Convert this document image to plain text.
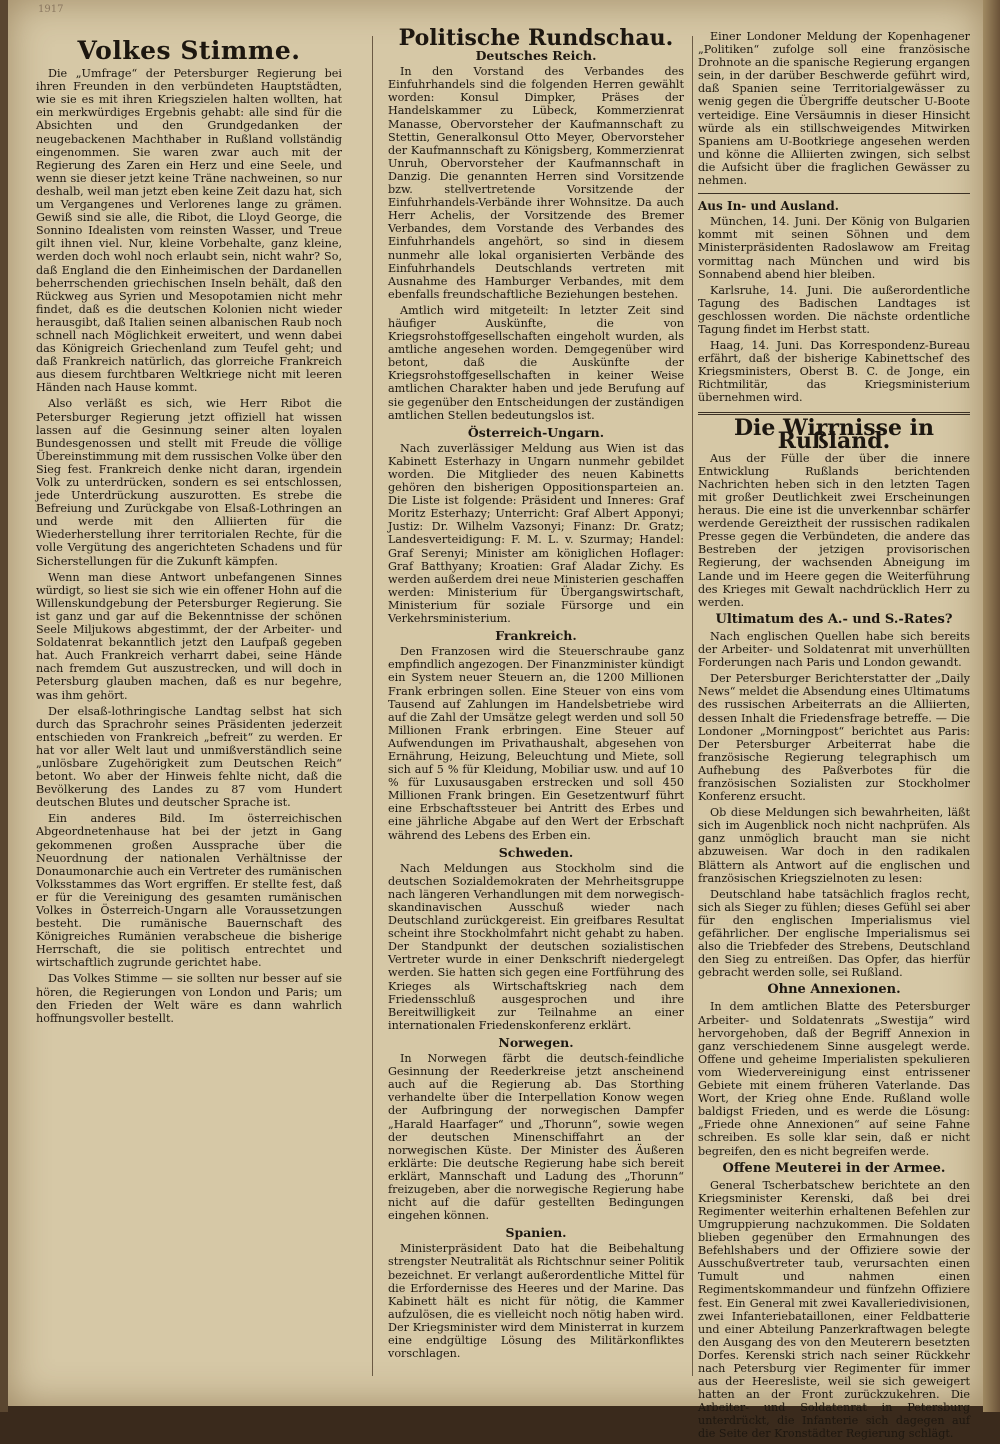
1917
Volkes Stimme.

Die „Umfrage“ der Petersburger Regierung bei ihren Freunden in den verbündeten Hauptstädten, wie sie es mit ihren Kriegszielen halten wollten, hat ein merkwürdiges Ergebnis gehabt: alle sind für die Absichten und den Grundgedanken der neugebackenen Machthaber in Rußland vollständig eingenommen. Sie waren zwar auch mit der Regierung des Zaren ein Herz und eine Seele, und wenn sie dieser jetzt keine Träne nachweinen, so nur deshalb, weil man jetzt eben keine Zeit dazu hat, sich um Vergangenes und Verlorenes lange zu grämen. Gewiß sind sie alle, die Ribot, die Lloyd George, die Sonnino Idealisten vom reinsten Wasser, und Treue gilt ihnen viel. Nur, kleine Vorbehalte, ganz kleine, werden doch wohl noch erlaubt sein, nicht wahr? So, daß England die den Einheimischen der Dardanellen beherrschenden griechischen Inseln behält, daß den Rückweg aus Syrien und Mesopotamien nicht mehr findet, daß es die deutschen Kolonien nicht wieder herausgibt, daß Italien seinen albanischen Raub noch schnell nach Möglichkeit erweitert, und wenn dabei das Königreich Griechenland zum Teufel geht; und daß Frankreich natürlich, das glorreiche Frankreich aus diesem furchtbaren Weltkriege nicht mit leeren Händen nach Hause kommt.

Also verläßt es sich, wie Herr Ribot die Petersburger Regierung jetzt offiziell hat wissen lassen auf die Gesinnung seiner alten loyalen Bundesgenossen und stellt mit Freude die völlige Übereinstimmung mit dem russischen Volke über den Sieg fest. Frankreich denke nicht daran, irgendein Volk zu unterdrücken, sondern es sei entschlossen, jede Unterdrückung auszurotten. Es strebe die Befreiung und Zurückgabe von Elsaß-Lothringen an und werde mit den Alliierten für die Wiederherstellung ihrer territorialen Rechte, für die volle Vergütung des angerichteten Schadens und für Sicherstellungen für die Zukunft kämpfen.

Wenn man diese Antwort unbefangenen Sinnes würdigt, so liest sie sich wie ein offener Hohn auf die Willenskundgebung der Petersburger Regierung. Sie ist ganz und gar auf die Bekenntnisse der schönen Seele Miljukows abgestimmt, der der Arbeiter- und Soldatenrat bekanntlich jetzt den Laufpaß gegeben hat. Auch Frankreich verharrt dabei, seine Hände nach fremdem Gut auszustrecken, und will doch in Petersburg glauben machen, daß es nur begehre, was ihm gehört.

Der elsaß-lothringische Landtag selbst hat sich durch das Sprachrohr seines Präsidenten jederzeit entschieden von Frankreich „befreit“ zu werden. Er hat vor aller Welt laut und unmißverständlich seine „unlösbare Zugehörigkeit zum Deutschen Reich“ betont. Wo aber der Hinweis fehlte nicht, daß die Bevölkerung des Landes zu 87 vom Hundert deutschen Blutes und deutscher Sprache ist.

Ein anderes Bild. Im österreichischen Abgeordnetenhause hat bei der jetzt in Gang gekommenen großen Aussprache über die Neuordnung der nationalen Verhältnisse der Donaumonarchie auch ein Vertreter des rumänischen Volksstammes das Wort ergriffen. Er stellte fest, daß er für die Vereinigung des gesamten rumänischen Volkes in Österreich-Ungarn alle Voraussetzungen besteht. Die rumänische Bauernschaft des Königreiches Rumänien verabscheue die bisherige Herrschaft, die sie politisch entrechtet und wirtschaftlich zugrunde gerichtet habe.

Das Volkes Stimme — sie sollten nur besser auf sie hören, die Regierungen von London und Paris; um den Frieden der Welt wäre es dann wahrlich hoffnungsvoller bestellt.

Politische Rundschau.
Deutsches Reich.

In den Vorstand des Verbandes des Einfuhrhandels sind die folgenden Herren gewählt worden: Konsul Dimpker, Präses der Handelskammer zu Lübeck, Kommerzienrat Manasse, Obervorsteher der Kaufmannschaft zu Stettin, Generalkonsul Otto Meyer, Obervorsteher der Kaufmannschaft zu Königsberg, Kommerzienrat Unruh, Obervorsteher der Kaufmannschaft in Danzig. Die genannten Herren sind Vorsitzende bzw. stellvertretende Vorsitzende der Einfuhrhandels-Verbände ihrer Wohnsitze. Da auch Herr Achelis, der Vorsitzende des Bremer Verbandes, dem Vorstande des Verbandes des Einfuhrhandels angehört, so sind in diesem nunmehr alle lokal organisierten Verbände des Einfuhrhandels Deutschlands vertreten mit Ausnahme des Hamburger Verbandes, mit dem ebenfalls freundschaftliche Beziehungen bestehen.

Amtlich wird mitgeteilt: In letzter Zeit sind häufiger Auskünfte, die von Kriegsrohstoffgesellschaften eingeholt wurden, als amtliche angesehen worden. Demgegenüber wird betont, daß die Auskünfte der Kriegsrohstoffgesellschaften in keiner Weise amtlichen Charakter haben und jede Berufung auf sie gegenüber den Entscheidungen der zuständigen amtlichen Stellen bedeutungslos ist.

Österreich-Ungarn.

Nach zuverlässiger Meldung aus Wien ist das Kabinett Esterhazy in Ungarn nunmehr gebildet worden. Die Mitglieder des neuen Kabinetts gehören den bisherigen Oppositionsparteien an. Die Liste ist folgende: Präsident und Inneres: Graf Moritz Esterhazy; Unterricht: Graf Albert Apponyi; Justiz: Dr. Wilhelm Vazsonyi; Finanz: Dr. Gratz; Landesverteidigung: F. M. L. v. Szurmay; Handel: Graf Serenyi; Minister am königlichen Hoflager: Graf Batthyany; Kroatien: Graf Aladar Zichy. Es werden außerdem drei neue Ministerien geschaffen werden: Ministerium für Übergangswirtschaft, Ministerium für soziale Fürsorge und ein Verkehrsministerium.

Frankreich.

Den Franzosen wird die Steuerschraube ganz empfindlich angezogen. Der Finanzminister kündigt ein System neuer Steuern an, die 1200 Millionen Frank erbringen sollen. Eine Steuer von eins vom Tausend auf Zahlungen im Handelsbetriebe wird auf die Zahl der Umsätze gelegt werden und soll 50 Millionen Frank erbringen. Eine Steuer auf Aufwendungen im Privathaushalt, abgesehen von Ernährung, Heizung, Beleuchtung und Miete, soll sich auf 5 % für Kleidung, Mobiliar usw. und auf 10 % für Luxusausgaben erstrecken und soll 450 Millionen Frank bringen. Ein Gesetzentwurf führt eine Erbschaftssteuer bei Antritt des Erbes und eine jährliche Abgabe auf den Wert der Erbschaft während des Lebens des Erben ein.

Schweden.

Nach Meldungen aus Stockholm sind die deutschen Sozialdemokraten der Mehrheitsgruppe nach längeren Verhandlungen mit dem norwegisch-skandinavischen Ausschuß wieder nach Deutschland zurückgereist. Ein greifbares Resultat scheint ihre Stockholmfahrt nicht gehabt zu haben. Der Standpunkt der deutschen sozialistischen Vertreter wurde in einer Denkschrift niedergelegt werden. Sie hatten sich gegen eine Fortführung des Krieges als Wirtschaftskrieg nach dem Friedensschluß ausgesprochen und ihre Bereitwilligkeit zur Teilnahme an einer internationalen Friedenskonferenz erklärt.

Norwegen.

In Norwegen färbt die deutsch-feindliche Gesinnung der Reederkreise jetzt anscheinend auch auf die Regierung ab. Das Storthing verhandelte über die Interpellation Konow wegen der Aufbringung der norwegischen Dampfer „Harald Haarfager“ und „Thorunn“, sowie wegen der deutschen Minenschiffahrt an der norwegischen Küste. Der Minister des Äußeren erklärte: Die deutsche Regierung habe sich bereit erklärt, Mannschaft und Ladung des „Thorunn“ freizugeben, aber die norwegische Regierung habe nicht auf die dafür gestellten Bedingungen eingehen können.

Spanien.

Ministerpräsident Dato hat die Beibehaltung strengster Neutralität als Richtschnur seiner Politik bezeichnet. Er verlangt außerordentliche Mittel für die Erfordernisse des Heeres und der Marine. Das Kabinett hält es nicht für nötig, die Kammer aufzulösen, die es vielleicht noch nötig haben wird. Der Kriegsminister wird dem Ministerrat in kurzem eine endgültige Lösung des Militärkonfliktes vorschlagen.

Einer Londoner Meldung der Kopenhagener „Politiken“ zufolge soll eine französische Drohnote an die spanische Regierung ergangen sein, in der darüber Beschwerde geführt wird, daß Spanien seine Territorialgewässer zu wenig gegen die Übergriffe deutscher U-Boote verteidige. Eine Versäumnis in dieser Hinsicht würde als ein stillschweigendes Mitwirken Spaniens am U-Bootkriege angesehen werden und könne die Alliierten zwingen, sich selbst die Aufsicht über die fraglichen Gewässer zu nehmen.

Aus In- und Ausland.

München, 14. Juni. Der König von Bulgarien kommt mit seinen Söhnen und dem Ministerpräsidenten Radoslawow am Freitag vormittag nach München und wird bis Sonnabend abend hier bleiben.

Karlsruhe, 14. Juni. Die außerordentliche Tagung des Badischen Landtages ist geschlossen worden. Die nächste ordentliche Tagung findet im Herbst statt.

Haag, 14. Juni. Das Korrespondenz-Bureau erfährt, daß der bisherige Kabinettschef des Kriegsministers, Oberst B. C. de Jonge, ein Richtmilitär, das Kriegsministerium übernehmen wird.

Die Wirrnisse in Rußland.

Aus der Fülle der über die innere Entwicklung Rußlands berichtenden Nachrichten heben sich in den letzten Tagen mit großer Deutlichkeit zwei Erscheinungen heraus. Die eine ist die unverkennbar schärfer werdende Gereiztheit der russischen radikalen Presse gegen die Verbündeten, die andere das Bestreben der jetzigen provisorischen Regierung, der wachsenden Abneigung im Lande und im Heere gegen die Weiterführung des Krieges mit Gewalt nachdrücklich Herr zu werden.

Ultimatum des A.- und S.-Rates?

Nach englischen Quellen habe sich bereits der Arbeiter- und Soldatenrat mit unverhüllten Forderungen nach Paris und London gewandt.

Der Petersburger Berichterstatter der „Daily News“ meldet die Absendung eines Ultimatums des russischen Arbeiterrats an die Alliierten, dessen Inhalt die Friedensfrage betreffe. — Die Londoner „Morningpost“ berichtet aus Paris: Der Petersburger Arbeiterrat habe die französische Regierung telegraphisch um Aufhebung des Paßverbotes für die französischen Sozialisten zur Stockholmer Konferenz ersucht.

Ob diese Meldungen sich bewahrheiten, läßt sich im Augenblick noch nicht nachprüfen. Als ganz unmöglich braucht man sie nicht abzuweisen. War doch in den radikalen Blättern als Antwort auf die englischen und französischen Kriegszielnoten zu lesen:

Deutschland habe tatsächlich fraglos recht, sich als Sieger zu fühlen; dieses Gefühl sei aber für den englischen Imperialismus viel gefährlicher. Der englische Imperialismus sei also die Triebfeder des Strebens, Deutschland den Sieg zu entreißen. Das Opfer, das hierfür gebracht werden solle, sei Rußland.

Ohne Annexionen.

In dem amtlichen Blatte des Petersburger Arbeiter- und Soldatenrats „Swestija“ wird hervorgehoben, daß der Begriff Annexion in ganz verschiedenem Sinne ausgelegt werde. Offene und geheime Imperialisten spekulieren vom Wiedervereinigung einst entrissener Gebiete mit einem früheren Vaterlande. Das Wort, der Krieg ohne Ende. Rußland wolle baldigst Frieden, und es werde die Lösung: „Friede ohne Annexionen“ auf seine Fahne schreiben. Es solle klar sein, daß er nicht begreifen, den es nicht begreifen werde.

Offene Meuterei in der Armee.

General Tscherbatschew berichtete an den Kriegsminister Kerenski, daß bei drei Regimenter weiterhin erhaltenen Befehlen zur Umgruppierung nachzukommen. Die Soldaten blieben gegenüber den Ermahnungen des Befehlshabers und der Offiziere sowie der Ausschußvertreter taub, verursachten einen Tumult und nahmen einen Regimentskommandeur und fünfzehn Offiziere fest. Ein General mit zwei Kavalleriedivisionen, zwei Infanteriebataillonen, einer Feldbatterie und einer Abteilung Panzerkraftwagen belegte den Ausgang des von den Meuterern besetzten Dorfes. Kerenski strich nach seiner Rückkehr nach Petersburg vier Regimenter für immer aus der Heeresliste, weil sie sich geweigert hatten an der Front zurückzukehren. Die Arbeiter- und Soldatenrat in Petersburg unterdrückt, die Infanterie sich dagegen auf die Seite der Kronstädter Regierung schlägt.
